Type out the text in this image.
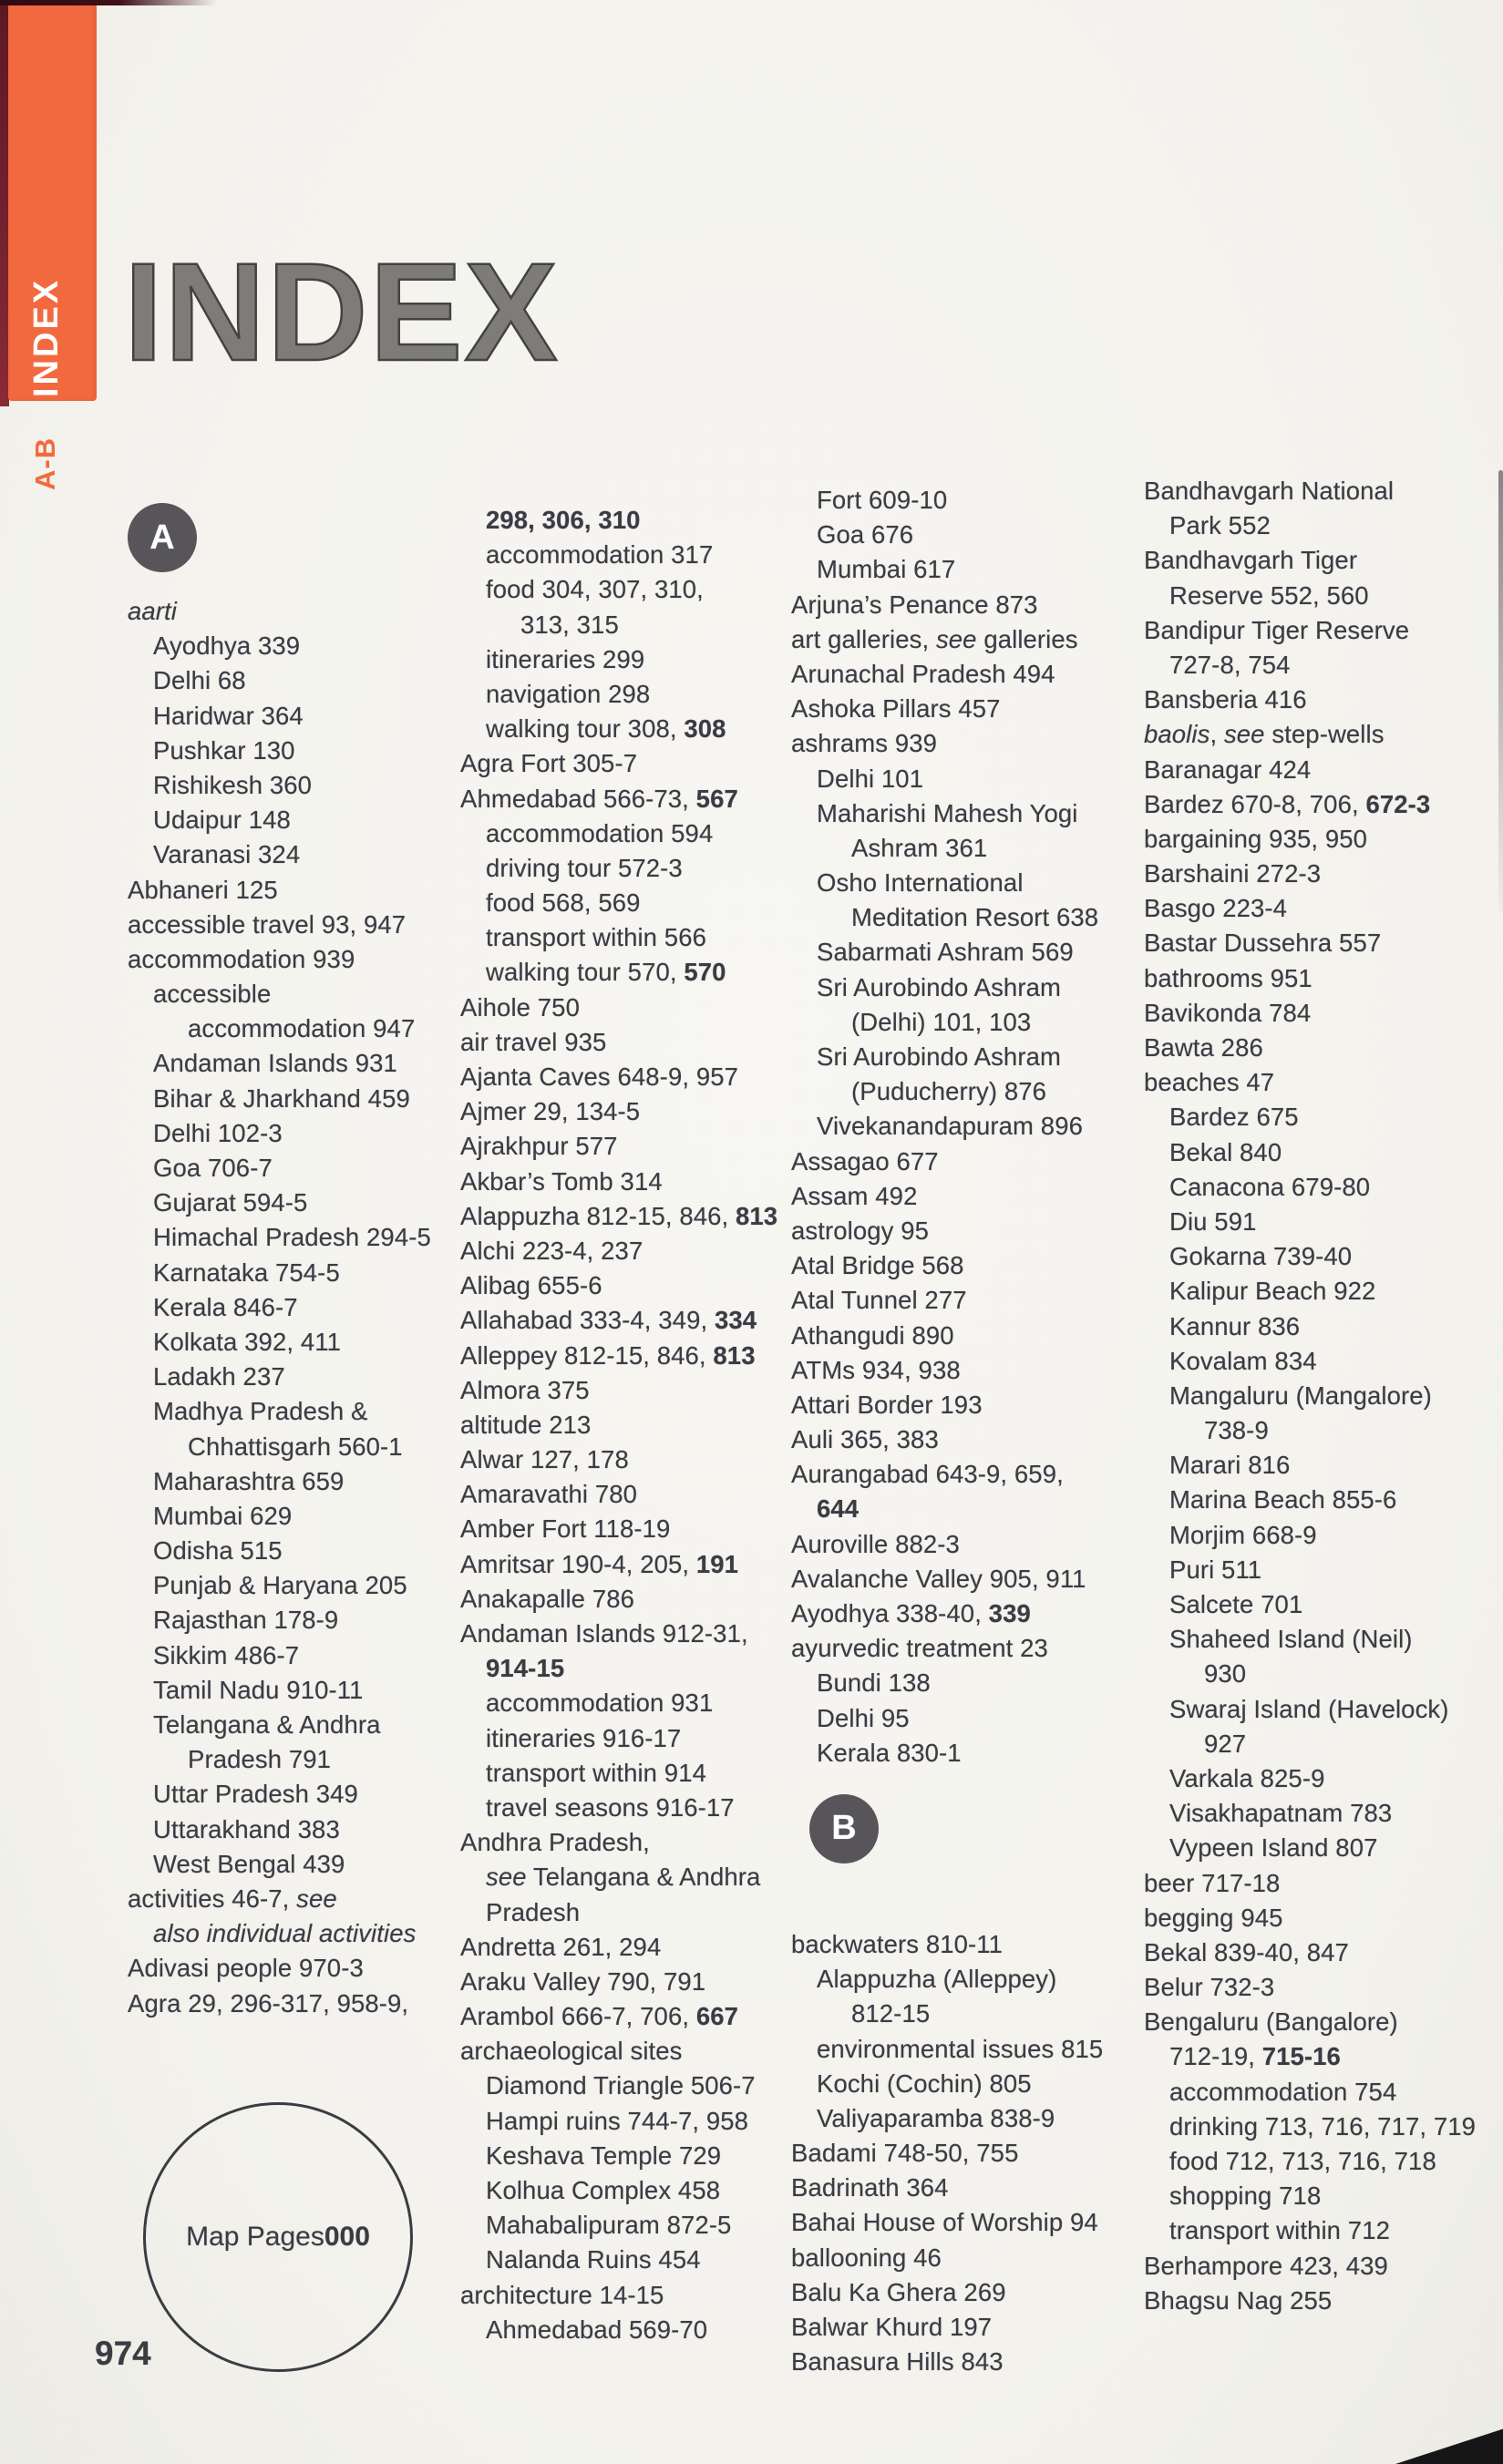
INDEX
A-B
INDEX
A
aarti
Ayodhya 339
Delhi 68
Haridwar 364
Pushkar 130
Rishikesh 360
Udaipur 148
Varanasi 324
Abhaneri 125
accessible travel 93, 947
accommodation 939
accessible
accommodation 947
Andaman Islands 931
Bihar & Jharkhand 459
Delhi 102-3
Goa 706-7
Gujarat 594-5
Himachal Pradesh 294-5
Karnataka 754-5
Kerala 846-7
Kolkata 392, 411
Ladakh 237
Madhya Pradesh &
Chhattisgarh 560-1
Maharashtra 659
Mumbai 629
Odisha 515
Punjab & Haryana 205
Rajasthan 178-9
Sikkim 486-7
Tamil Nadu 910-11
Telangana & Andhra
Pradesh 791
Uttar Pradesh 349
Uttarakhand 383
West Bengal 439
activities 46-7, see
also individual activities
Adivasi people 970-3
Agra 29, 296-317, 958-9,
298, 306, 310
accommodation 317
food 304, 307, 310,
313, 315
itineraries 299
navigation 298
walking tour 308, 308
Agra Fort 305-7
Ahmedabad 566-73, 567
accommodation 594
driving tour 572-3
food 568, 569
transport within 566
walking tour 570, 570
Aihole 750
air travel 935
Ajanta Caves 648-9, 957
Ajmer 29, 134-5
Ajrakhpur 577
Akbar’s Tomb 314
Alappuzha 812-15, 846, 813
Alchi 223-4, 237
Alibag 655-6
Allahabad 333-4, 349, 334
Alleppey 812-15, 846, 813
Almora 375
altitude 213
Alwar 127, 178
Amaravathi 780
Amber Fort 118-19
Amritsar 190-4, 205, 191
Anakapalle 786
Andaman Islands 912-31,
914-15
accommodation 931
itineraries 916-17
transport within 914
travel seasons 916-17
Andhra Pradesh,
see Telangana & Andhra
Pradesh
Andretta 261, 294
Araku Valley 790, 791
Arambol 666-7, 706, 667
archaeological sites
Diamond Triangle 506-7
Hampi ruins 744-7, 958
Keshava Temple 729
Kolhua Complex 458
Mahabalipuram 872-5
Nalanda Ruins 454
architecture 14-15
Ahmedabad 569-70
Fort 609-10
Goa 676
Mumbai 617
Arjuna’s Penance 873
art galleries, see galleries
Arunachal Pradesh 494
Ashoka Pillars 457
ashrams 939
Delhi 101
Maharishi Mahesh Yogi
Ashram 361
Osho International
Meditation Resort 638
Sabarmati Ashram 569
Sri Aurobindo Ashram
(Delhi) 101, 103
Sri Aurobindo Ashram
(Puducherry) 876
Vivekanandapuram 896
Assagao 677
Assam 492
astrology 95
Atal Bridge 568
Atal Tunnel 277
Athangudi 890
ATMs 934, 938
Attari Border 193
Auli 365, 383
Aurangabad 643-9, 659,
644
Auroville 882-3
Avalanche Valley 905, 911
Ayodhya 338-40, 339
ayurvedic treatment 23
Bundi 138
Delhi 95
Kerala 830-1
B
backwaters 810-11
Alappuzha (Alleppey)
812-15
environmental issues 815
Kochi (Cochin) 805
Valiyaparamba 838-9
Badami 748-50, 755
Badrinath 364
Bahai House of Worship 94
ballooning 46
Balu Ka Ghera 269
Balwar Khurd 197
Banasura Hills 843
Bandhavgarh National
Park 552
Bandhavgarh Tiger
Reserve 552, 560
Bandipur Tiger Reserve
727-8, 754
Bansberia 416
baolis, see step-wells
Baranagar 424
Bardez 670-8, 706, 672-3
bargaining 935, 950
Barshaini 272-3
Basgo 223-4
Bastar Dussehra 557
bathrooms 951
Bavikonda 784
Bawta 286
beaches 47
Bardez 675
Bekal 840
Canacona 679-80
Diu 591
Gokarna 739-40
Kalipur Beach 922
Kannur 836
Kovalam 834
Mangaluru (Mangalore)
738-9
Marari 816
Marina Beach 855-6
Morjim 668-9
Puri 511
Salcete 701
Shaheed Island (Neil)
930
Swaraj Island (Havelock)
927
Varkala 825-9
Visakhapatnam 783
Vypeen Island 807
beer 717-18
begging 945
Bekal 839-40, 847
Belur 732-3
Bengaluru (Bangalore)
712-19, 715-16
accommodation 754
drinking 713, 716, 717, 719
food 712, 713, 716, 718
shopping 718
transport within 712
Berhampore 423, 439
Bhagsu Nag 255
Map Pages 000
974
